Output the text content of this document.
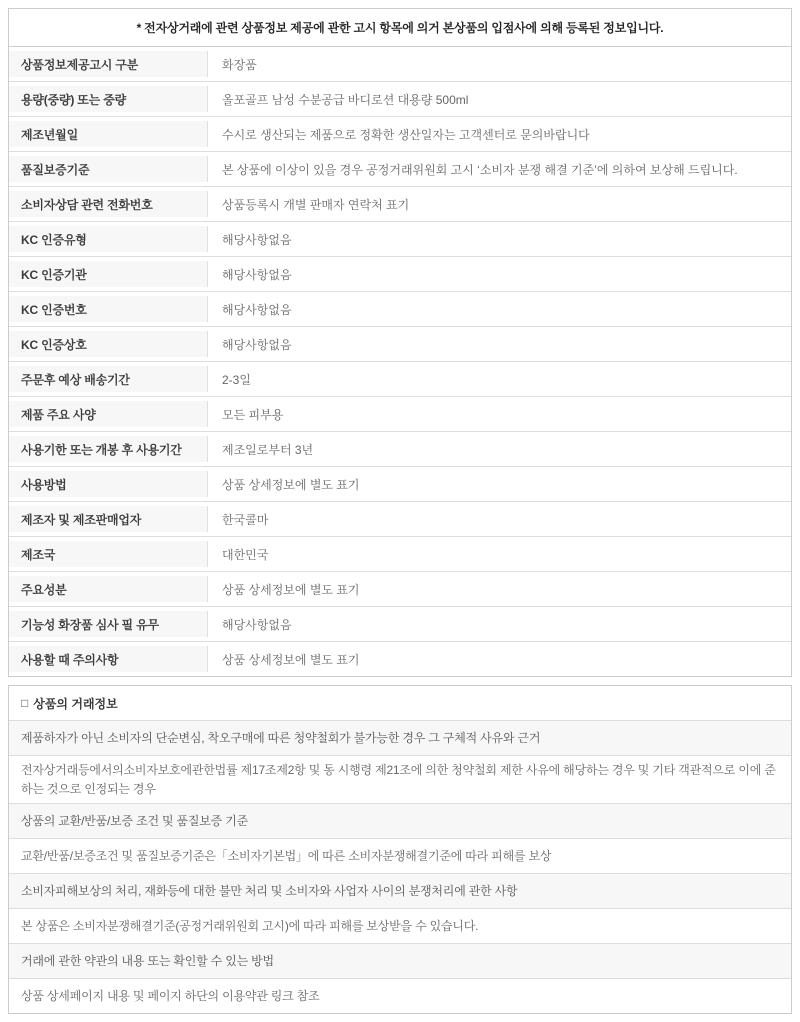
* 전자상거래에 관련 상품정보 제공에 관한 고시 항목에 의거 본상품의 입점사에 의해 등록된 정보입니다.
상품정보제공고시 구분	화장품
용량(중량) 또는 중량	올포골프 남성 수분공급 바디로션 대용량 500ml
제조년월일	수시로 생산되는 제품으로 정확한 생산일자는 고객센터로 문의바랍니다
품질보증기준	본 상품에 이상이 있을 경우 공정거래위원회 고시 ‘소비자 분쟁 해결 기준’에 의하여 보상해 드립니다.
소비자상담 관련 전화번호	상품등록시 개별 판매자 연락처 표기
KC 인증유형	해당사항없음
KC 인증기관	해당사항없음
KC 인증번호	해당사항없음
KC 인증상호	해당사항없음
주문후 예상 배송기간	2-3일
제품 주요 사양	모든 피부용
사용기한 또는 개봉 후 사용기간	제조일로부터 3년
사용방법	상품 상세정보에 별도 표기
제조자 및 제조판매업자	한국콜마
제조국	대한민국
주요성분	상품 상세정보에 별도 표기
기능성 화장품 심사 필 유무	해당사항없음
사용할 때 주의사항	상품 상세정보에 별도 표기
□ 상품의 거래정보
제품하자가 아닌 소비자의 단순변심, 착오구매에 따른 청약철회가 불가능한 경우 그 구체적 사유와 근거
전자상거래등에서의소비자보호에관한법률 제17조제2항 및 동 시행령 제21조에 의한 청약철회 제한 사유에 해당하는 경우 및 기타 객관적으로 이에 준하는 것으로 인정되는 경우
상품의 교환/반품/보증 조건 및 품질보증 기준
교환/반품/보증조건 및 품질보증기준은「소비자기본법」에 따른 소비자분쟁해결기준에 따라 피해를 보상
소비자피해보상의 처리, 재화등에 대한 불만 처리 및 소비자와 사업자 사이의 분쟁처리에 관한 사항
본 상품은 소비자분쟁해결기준(공정거래위원회 고시)에 따라 피해를 보상받을 수 있습니다.
거래에 관한 약관의 내용 또는 확인할 수 있는 방법
상품 상세페이지 내용 및 페이지 하단의 이용약관 링크 참조
